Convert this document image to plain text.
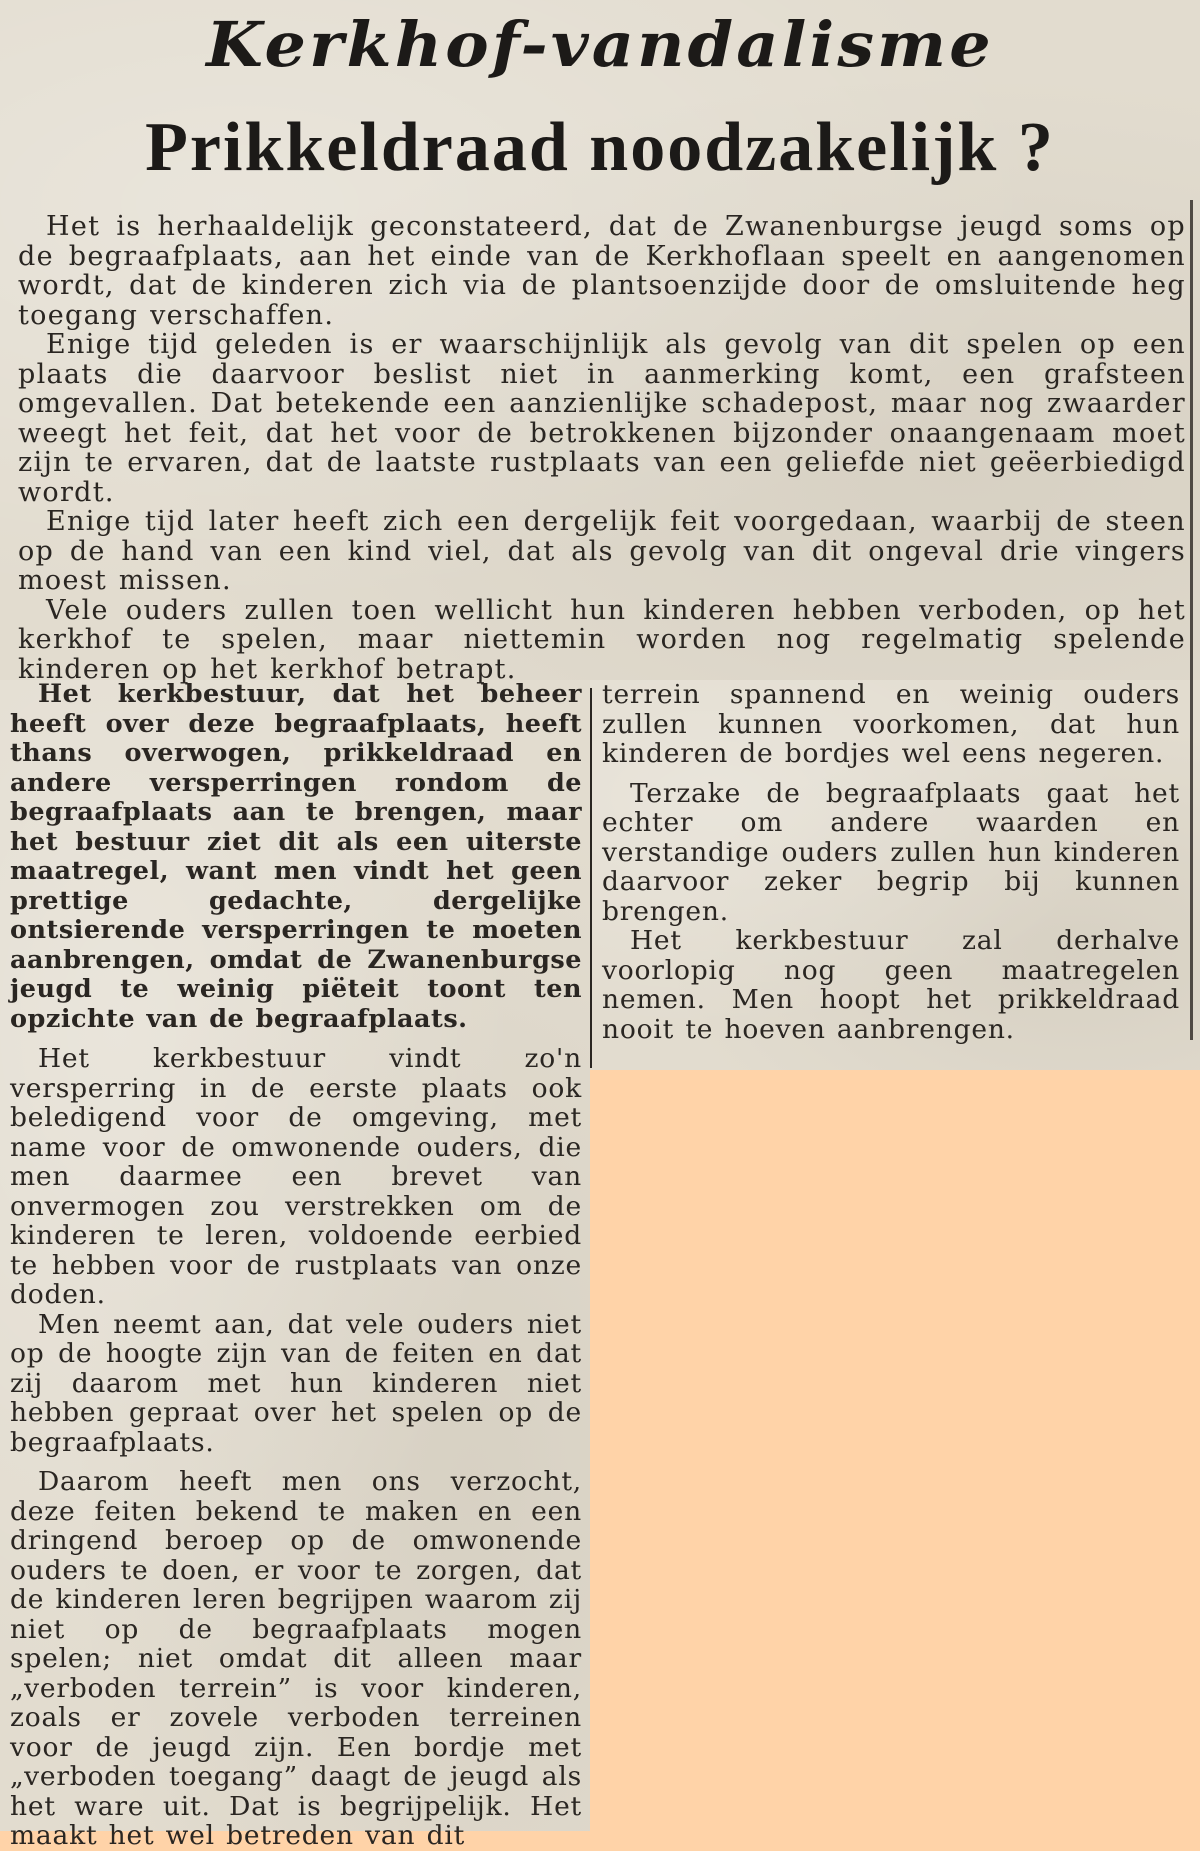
Kerkhof-vandalisme
Prikkeldraad noodzakelijk ?

Het is herhaaldelijk geconstateerd, dat de Zwanenburgse jeugd soms op de begraafplaats, aan het einde van de Kerkhoflaan speelt en aangenomen wordt, dat de kinderen zich via de plantsoenzijde door de omsluitende heg toegang verschaffen.

Enige tijd geleden is er waarschijnlijk als gevolg van dit spelen op een plaats die daarvoor beslist niet in aanmerking komt, een grafsteen omgevallen. Dat betekende een aanzienlijke schadepost, maar nog zwaarder weegt het feit, dat het voor de betrokkenen bijzonder onaangenaam moet zijn te ervaren, dat de laatste rustplaats van een geliefde niet geëerbiedigd wordt.

Enige tijd later heeft zich een dergelijk feit voorgedaan, waarbij de steen op de hand van een kind viel, dat als gevolg van dit ongeval drie vingers moest missen.

Vele ouders zullen toen wellicht hun kinderen hebben verboden, op het kerkhof te spelen, maar niettemin worden nog regelmatig spelende kinderen op het kerkhof betrapt.

Het kerkbestuur, dat het beheer heeft over deze begraafplaats, heeft thans overwogen, prikkeldraad en andere versperringen rondom de begraafplaats aan te brengen, maar het bestuur ziet dit als een uiterste maatregel, want men vindt het geen prettige gedachte, dergelijke ontsierende versperringen te moeten aanbrengen, omdat de Zwanenburgse jeugd te weinig piëteit toont ten opzichte van de begraafplaats.

Het kerkbestuur vindt zo'n versperring in de eerste plaats ook beledigend voor de omgeving, met name voor de omwonende ouders, die men daarmee een brevet van onvermogen zou verstrekken om de kinderen te leren, voldoende eerbied te hebben voor de rustplaats van onze doden.

Men neemt aan, dat vele ouders niet op de hoogte zijn van de feiten en dat zij daarom met hun kinderen niet hebben gepraat over het spelen op de begraafplaats.

Daarom heeft men ons verzocht, deze feiten bekend te maken en een dringend beroep op de omwonende ouders te doen, er voor te zorgen, dat de kinderen leren begrijpen waarom zij niet op de begraafplaats mogen spelen; niet omdat dit alleen maar „verboden terrein” is voor kinderen, zoals er zovele verboden terreinen voor de jeugd zijn. Een bordje met „verboden toegang” daagt de jeugd als het ware uit. Dat is begrijpelijk. Het maakt het wel betreden van dit

terrein spannend en weinig ouders zullen kunnen voorkomen, dat hun kinderen de bordjes wel eens negeren.

Terzake de begraafplaats gaat het echter om andere waarden en verstandige ouders zullen hun kinderen daarvoor zeker begrip bij kunnen brengen.

Het kerkbestuur zal derhalve voorlopig nog geen maatregelen nemen. Men hoopt het prikkeldraad nooit te hoeven aanbrengen.
